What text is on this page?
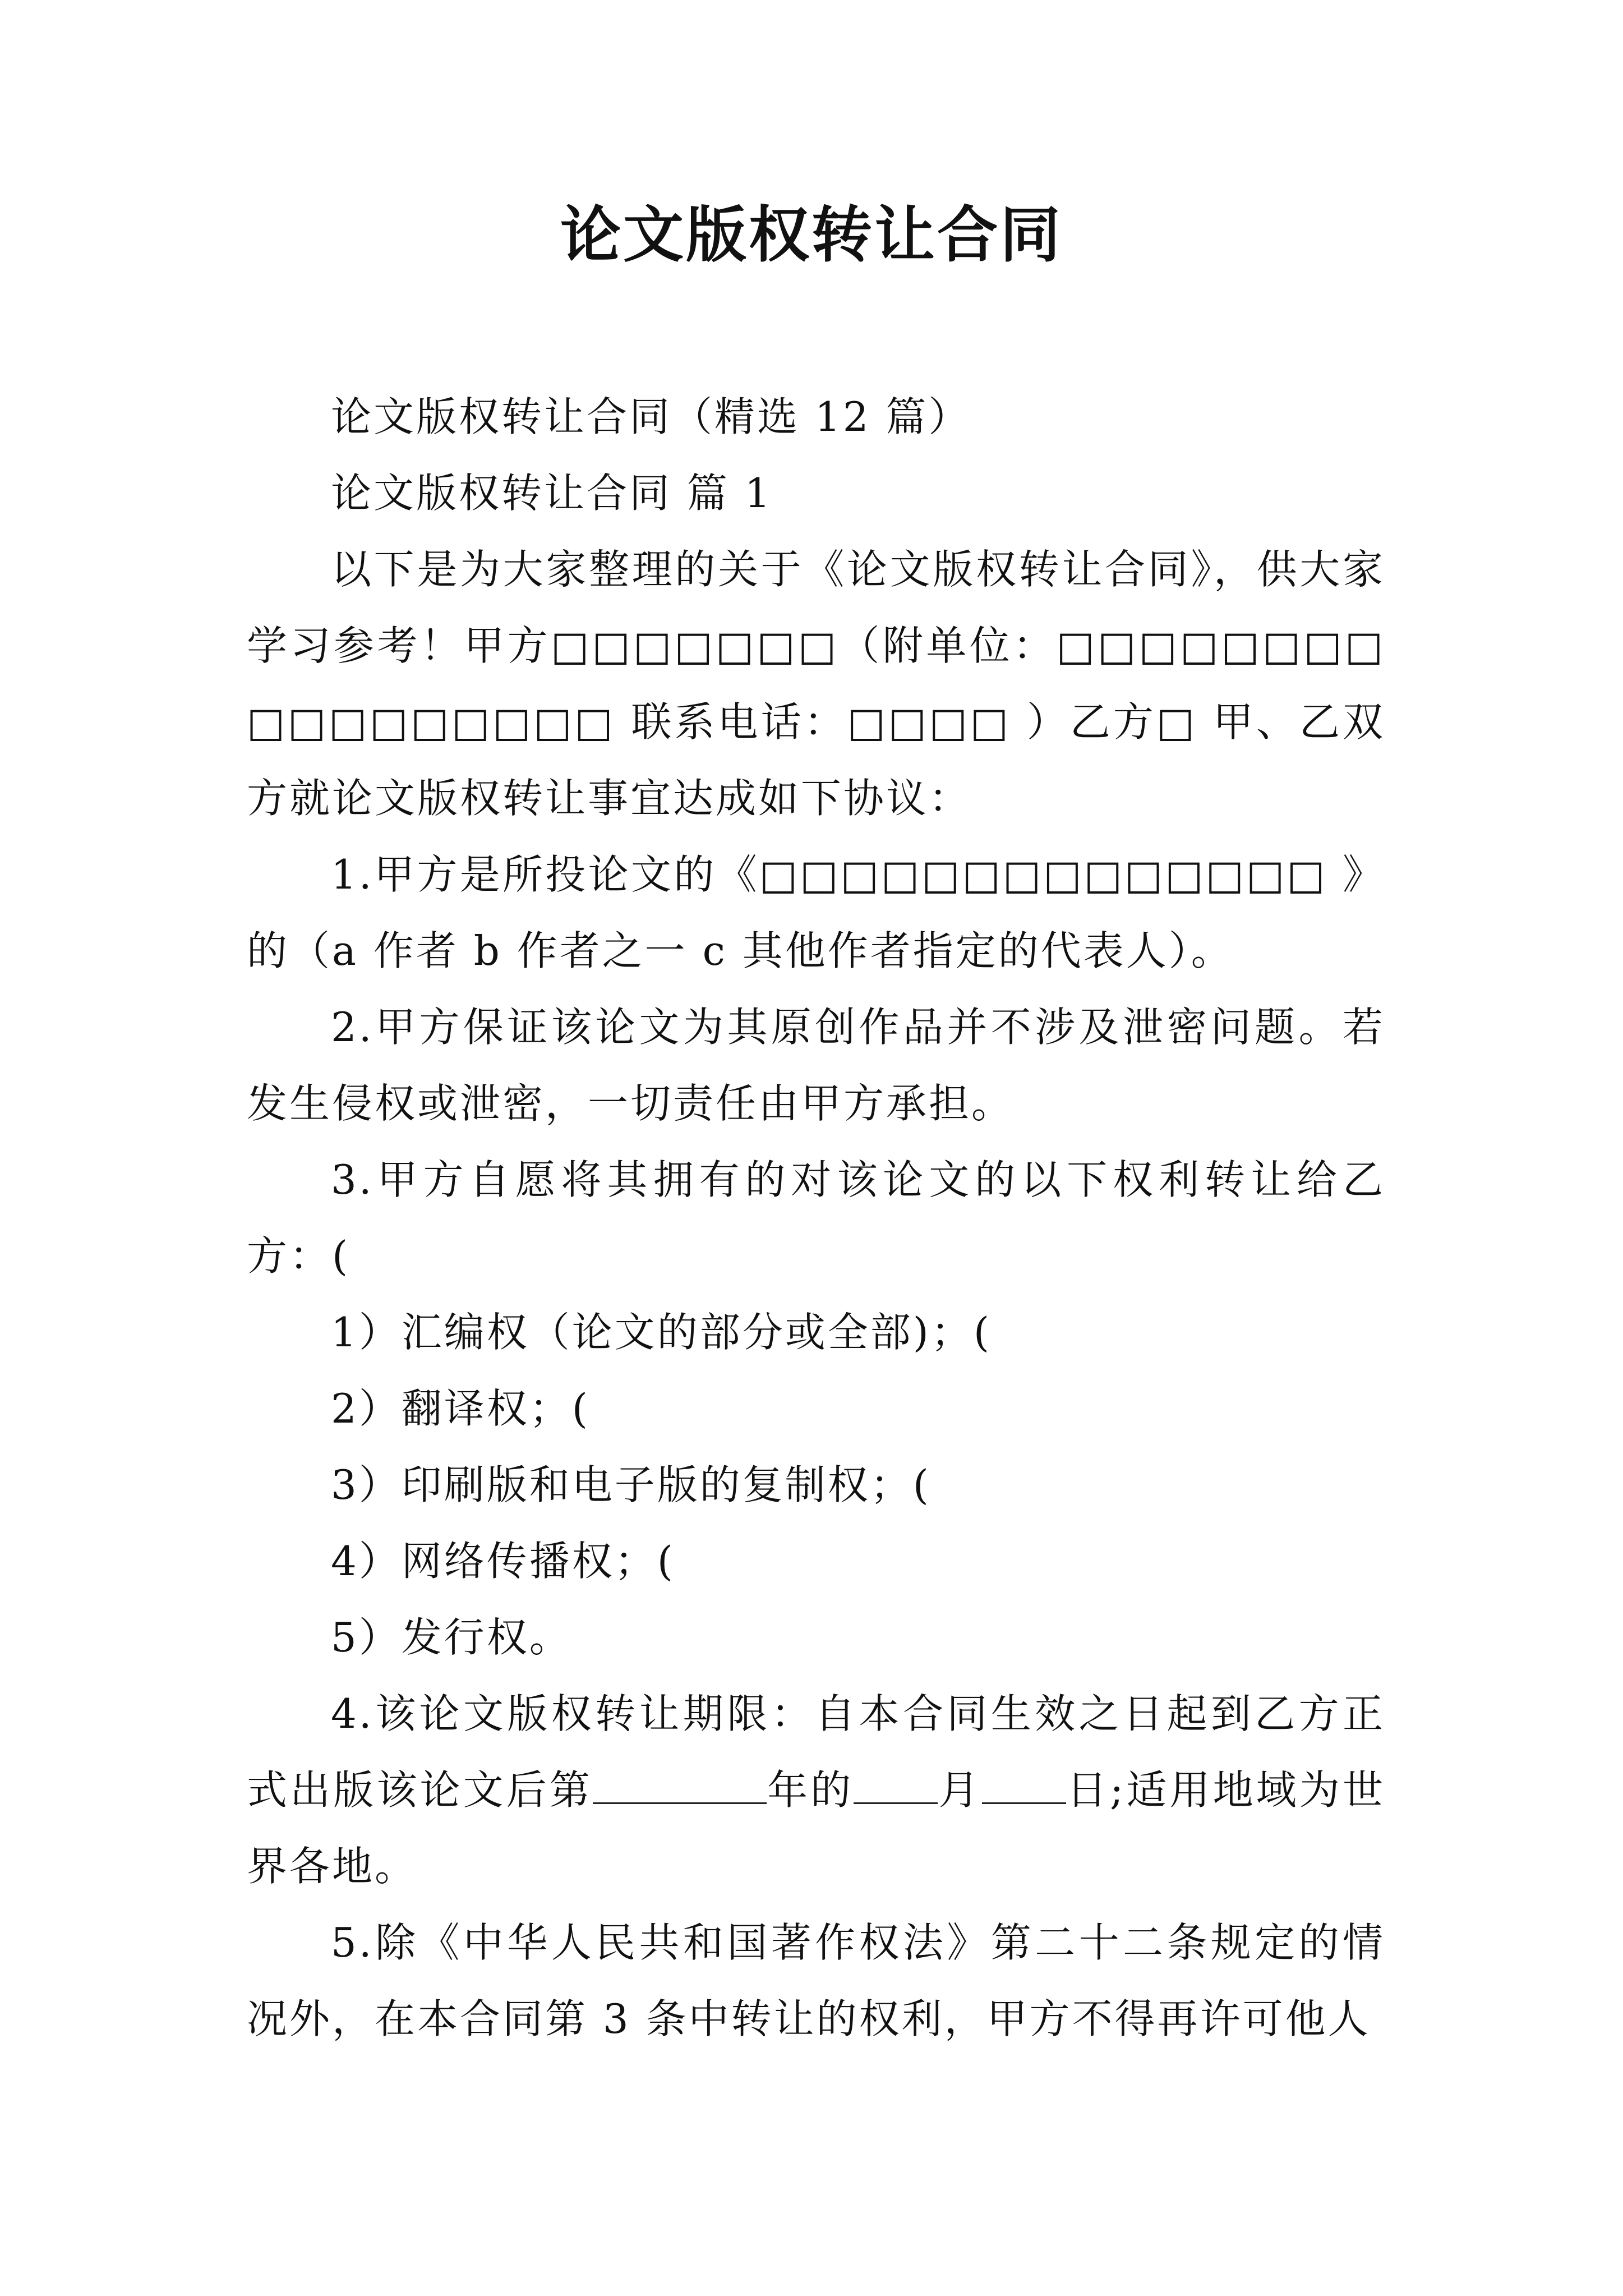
论文版权转让合同

论文版权转让合同（精选 12 篇）

论文版权转让合同 篇 1

以下是为大家整理的关于《论文版权转让合同》，供大家学习参考！甲方□□□□□□□（附单位：□□□□□□□□□□□□□□□□□ 联系电话：□□□□ ）乙方□ 甲、乙双方就论文版权转让事宜达成如下协议：

1.甲方是所投论文的《□□□□□□□□□□□□□□ 》的（a 作者 b 作者之一 c 其他作者指定的代表人）。

2.甲方保证该论文为其原创作品并不涉及泄密问题。若发生侵权或泄密，一切责任由甲方承担。

3.甲方自愿将其拥有的对该论文的以下权利转让给乙方：(

1）汇编权（论文的部分或全部)；(

2）翻译权；(

3）印刷版和电子版的复制权；(

4）网络传播权；(

5）发行权。

4.该论文版权转让期限：自本合同生效之日起到乙方正式出版该论文后第	年的 月 日;适用地域为世界各地。

5.除《中华人民共和国著作权法》第二十二条规定的情况外，在本合同第 3 条中转让的权利，甲方不得再许可他人
